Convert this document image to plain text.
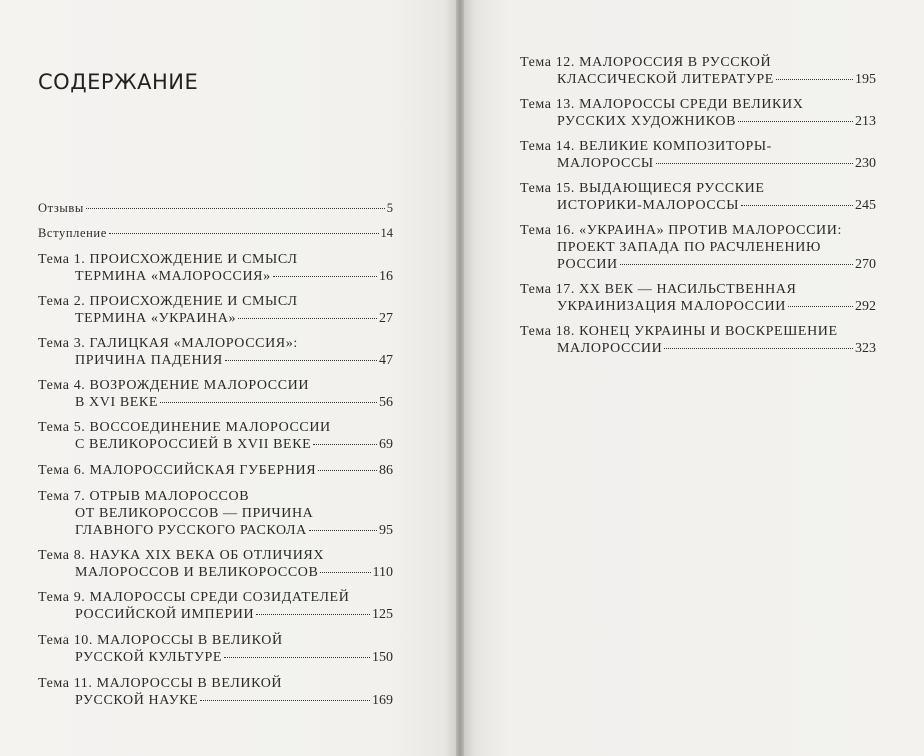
СОДЕРЖАНИЕ
Отзывы	5
Вступление	14
Тема 1. ПРОИСХОЖДЕНИЕ И СМЫСЛ
ТЕРМИНА «МАЛОРОССИЯ»	16
Тема 2. ПРОИСХОЖДЕНИЕ И СМЫСЛ
ТЕРМИНА «УКРАИНА»	27
Тема 3. ГАЛИЦКАЯ «МАЛОРОССИЯ»:
ПРИЧИНА ПАДЕНИЯ	47
Тема 4. ВОЗРОЖДЕНИЕ МАЛОРОССИИ
В XVI ВЕКЕ	56
Тема 5. ВОССОЕДИНЕНИЕ МАЛОРОССИИ
С ВЕЛИКОРОССИЕЙ В XVII ВЕКЕ	69
Тема 6. МАЛОРОССИЙСКАЯ ГУБЕРНИЯ	86
Тема 7. ОТРЫВ МАЛОРОССОВ
ОТ ВЕЛИКОРОССОВ — ПРИЧИНА
ГЛАВНОГО РУССКОГО РАСКОЛА	95
Тема 8. НАУКА XIX ВЕКА ОБ ОТЛИЧИЯХ
МАЛОРОССОВ И ВЕЛИКОРОССОВ	110
Тема 9. МАЛОРОССЫ СРЕДИ СОЗИДАТЕЛЕЙ
РОССИЙСКОЙ ИМПЕРИИ	125
Тема 10. МАЛОРОССЫ В ВЕЛИКОЙ
РУССКОЙ КУЛЬТУРЕ	150
Тема 11. МАЛОРОССЫ В ВЕЛИКОЙ
РУССКОЙ НАУКЕ	169
Тема 12. МАЛОРОССИЯ В РУССКОЙ
КЛАССИЧЕСКОЙ ЛИТЕРАТУРЕ	195
Тема 13. МАЛОРОССЫ СРЕДИ ВЕЛИКИХ
РУССКИХ ХУДОЖНИКОВ	213
Тема 14. ВЕЛИКИЕ КОМПОЗИТОРЫ-
МАЛОРОССЫ	230
Тема 15. ВЫДАЮЩИЕСЯ РУССКИЕ
ИСТОРИКИ-МАЛОРОССЫ	245
Тема 16. «УКРАИНА» ПРОТИВ МАЛОРОССИИ:
ПРОЕКТ ЗАПАДА ПО РАСЧЛЕНЕНИЮ
РОССИИ	270
Тема 17. XX ВЕК — НАСИЛЬСТВЕННАЯ
УКРАИНИЗАЦИЯ МАЛОРОССИИ	292
Тема 18. КОНЕЦ УКРАИНЫ И ВОСКРЕШЕНИЕ
МАЛОРОССИИ	323
